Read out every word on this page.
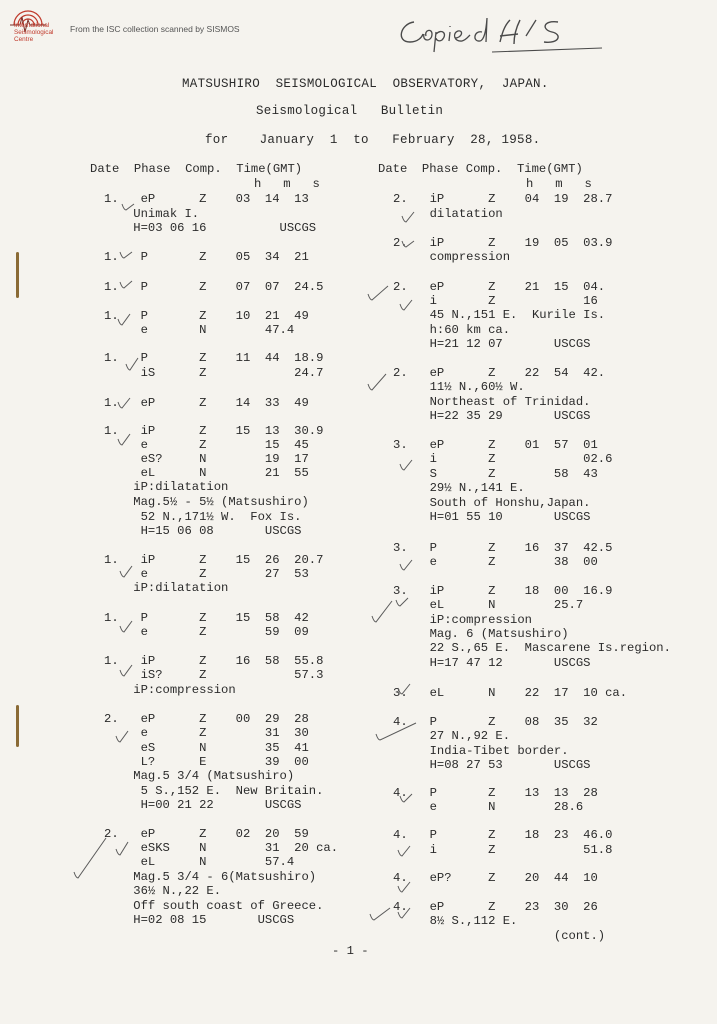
International
Seismological
Centre
From the ISC collection scanned by SISMOS
MATSUSHIRO  SEISMOLOGICAL  OBSERVATORY,  JAPAN.
Seismological   Bulletin
for    January  1  to   February  28, 1958.
Date  Phase  Comp.  Time(GMT)
h   m   s
Date  Phase Comp.  Time(GMT)
h   m   s
1.   eP      Z    03  14  13
Unimak I.
H=03 06 16          USCGS
1.   P       Z    05  34  21
1.   P       Z    07  07  24.5
1.   P       Z    10  21  49
e       N        47.4
1.   P       Z    11  44  18.9
iS      Z            24.7
1.   eP      Z    14  33  49
1.   iP      Z    15  13  30.9
e       Z        15  45
eS?     N        19  17
eL      N        21  55
iP:dilatation
Mag.5½ - 5½ (Matsushiro)
52 N.,171½ W.  Fox Is.
H=15 06 08       USCGS
1.   iP      Z    15  26  20.7
e       Z        27  53
iP:dilatation
1.   P       Z    15  58  42
e       Z        59  09
1.   iP      Z    16  58  55.8
iS?     Z            57.3
iP:compression
2.   eP      Z    00  29  28
e       Z        31  30
eS      N        35  41
L?      E        39  00
Mag.5 3/4 (Matsushiro)
5 S.,152 E.  New Britain.
H=00 21 22       USCGS
2.   eP      Z    02  20  59
eSKS    N        31  20 ca.
eL      N        57.4
Mag.5 3/4 - 6(Matsushiro)
36½ N.,22 E.
Off south coast of Greece.
H=02 08 15       USCGS
2.   iP      Z    04  19  28.7
dilatation
2.   iP      Z    19  05  03.9
compression
2.   eP      Z    21  15  04.
i       Z            16
45 N.,151 E.  Kurile Is.
h:60 km ca.
H=21 12 07       USCGS
2.   eP      Z    22  54  42.
11½ N.,60½ W.
Northeast of Trinidad.
H=22 35 29       USCGS
3.   eP      Z    01  57  01
i       Z            02.6
S       Z        58  43
29½ N.,141 E.
South of Honshu,Japan.
H=01 55 10       USCGS
3.   P       Z    16  37  42.5
e       Z        38  00
3.   iP      Z    18  00  16.9
eL      N        25.7
iP:compression
Mag. 6 (Matsushiro)
22 S.,65 E.  Mascarene Is.region.
H=17 47 12       USCGS
3.   eL      N    22  17  10 ca.
4.   P       Z    08  35  32
27 N.,92 E.
India-Tibet border.
H=08 27 53       USCGS
4.   P       Z    13  13  28
e       N        28.6
4.   P       Z    18  23  46.0
i       Z            51.8
4.   eP?     Z    20  44  10
4.   eP      Z    23  30  26
8½ S.,112 E.
(cont.)
- 1 -
